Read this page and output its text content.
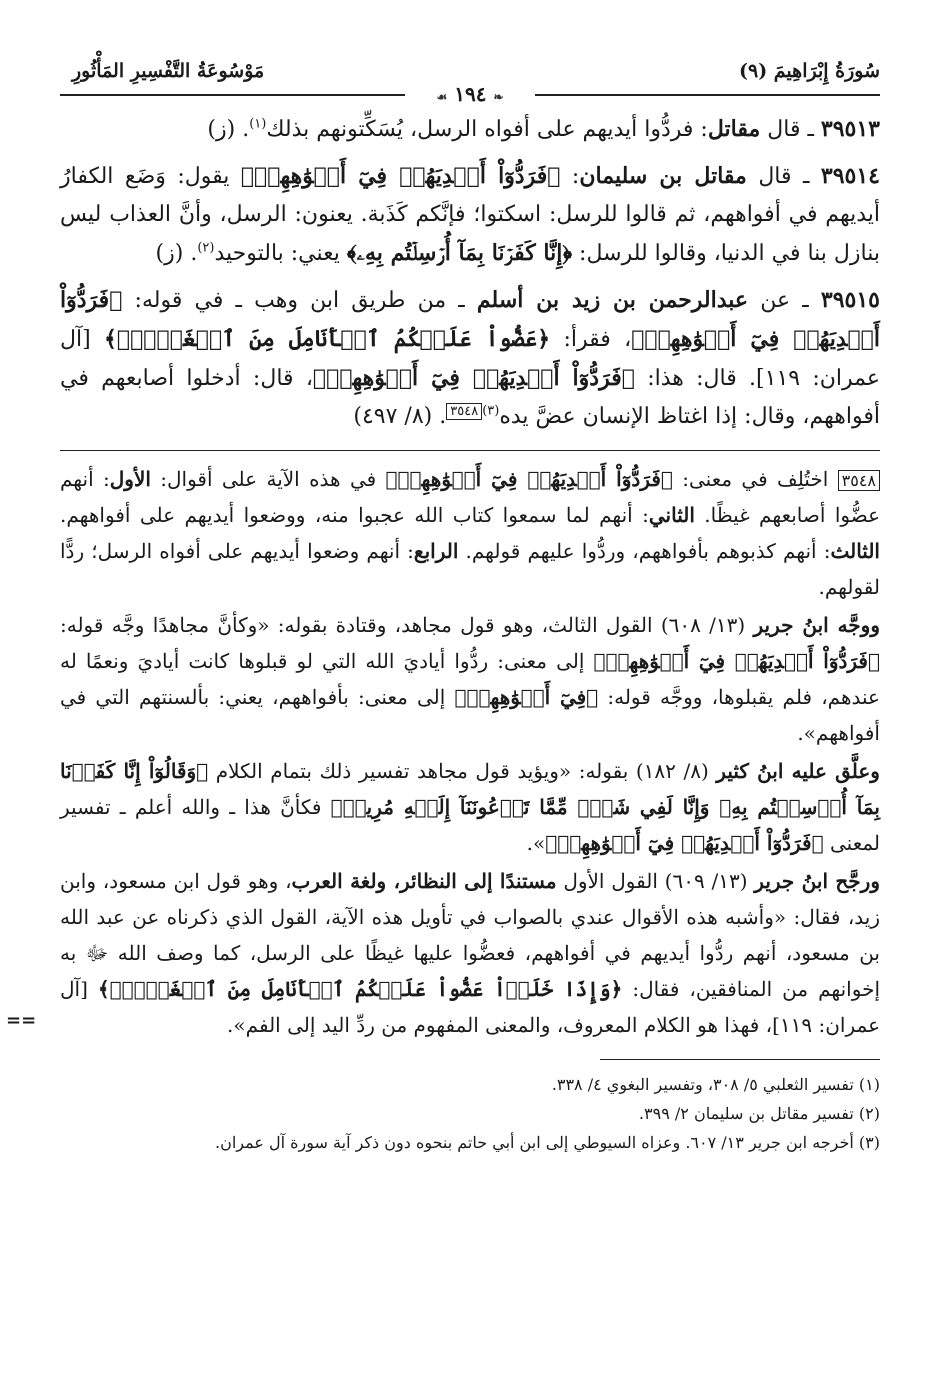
مَوْسُوعَةُ التَّفْسِيرِ المَأْثُورِ	سُورَةُ إِبْرَاهِيمَ (٩)
❧ ١٩٤ ☙

٣٩٥١٣ ـ قال مقاتل: فردُّوا أيديهم على أفواه الرسل، يُسَكِّتونهم بذلك$^{(١)}$. (ز)

٣٩٥١٤ ـ قال مقاتل بن سليمان: ﴿فَرَدُّوٓاْ أَيۡدِيَهُمۡ فِيٓ أَفۡوَٰهِهِمۡ﴾ يقول: وَضَع الكفارُ أيديهم في أفواههم، ثم قالوا للرسل: اسكتوا؛ فإنَّكم كَذَبة. يعنون: الرسل، وأنَّ العذاب ليس بنازل بنا في الدنيا، وقالوا للرسل: ﴿إِنَّا كَفَرۡنَا بِمَآ أُرۡسِلۡتُم بِهِۦ﴾ يعني: بالتوحيد$^{(٢)}$. (ز)

٣٩٥١٥ ـ عن عبدالرحمن بن زيد بن أسلم ـ من طريق ابن وهب ـ في قوله: ﴿فَرَدُّوٓاْ أَيۡدِيَهُمۡ فِيٓ أَفۡوَٰهِهِمۡ﴾، فقرأ: ﴿عَضُّواْ عَلَيۡكُمُ ٱلۡأَنَامِلَ مِنَ ٱلۡغَيۡظِۚ﴾ [آل عمران: ١١٩]. قال: هذا: ﴿فَرَدُّوٓاْ أَيۡدِيَهُمۡ فِيٓ أَفۡوَٰهِهِمۡ﴾، قال: أدخلوا أصابعهم في أفواههم، وقال: إذا اغتاظ الإنسان عضَّ يده$^{(٣)٣٥٤٨}$. (٨/ ٤٩٧)

٣٥٤٨ اختُلِف في معنى: ﴿فَرَدُّوٓاْ أَيۡدِيَهُمۡ فِيٓ أَفۡوَٰهِهِمۡ﴾ في هذه الآية على أقوال: الأول: أنهم عضُّوا أصابعهم غيظًا. الثاني: أنهم لما سمعوا كتاب الله عجبوا منه، ووضعوا أيديهم على أفواههم. الثالث: أنهم كذبوهم بأفواههم، وردُّوا عليهم قولهم. الرابع: أنهم وضعوا أيديهم على أفواه الرسل؛ ردًّا لقولهم.

ووجَّه ابنُ جرير (١٣/ ٦٠٨) القول الثالث، وهو قول مجاهد، وقتادة بقوله: «وكأنَّ مجاهدًا وجَّه قوله: ﴿فَرَدُّوٓاْ أَيۡدِيَهُمۡ فِيٓ أَفۡوَٰهِهِمۡ﴾ إلى معنى: ردُّوا أياديَ الله التي لو قبلوها كانت أياديَ ونعمًا له عندهم، فلم يقبلوها، ووجَّه قوله: ﴿فِيٓ أَفۡوَٰهِهِمۡ﴾ إلى معنى: بأفواههم، يعني: بألسنتهم التي في أفواههم».

وعلَّق عليه ابنُ كثير (٨/ ١٨٢) بقوله: «ويؤيد قول مجاهد تفسير ذلك بتمام الكلام ﴿وَقَالُوٓاْ إِنَّا كَفَرۡنَا بِمَآ أُرۡسِلۡتُم بِهِۦ وَإِنَّا لَفِي شَكّٖ مِّمَّا تَدۡعُونَنَآ إِلَيۡهِ مُرِيبٖ﴾ فكأنَّ هذا ـ والله أعلم ـ تفسير لمعنى ﴿فَرَدُّوٓاْ أَيۡدِيَهُمۡ فِيٓ أَفۡوَٰهِهِمۡ﴾».

ورجَّح ابنُ جرير (١٣/ ٦٠٩) القول الأول مستندًا إلى النظائر، ولغة العرب، وهو قول ابن مسعود، وابن زيد، فقال: «وأشبه هذه الأقوال عندي بالصواب في تأويل هذه الآية، القول الذي ذكرناه عن عبد الله بن مسعود، أنهم ردُّوا أيديهم في أفواههم، فعضُّوا عليها غيظًا على الرسل، كما وصف الله ﷻ به إخوانهم من المنافقين، فقال: ﴿وَإِذَا خَلَوۡاْ عَضُّواْ عَلَيۡكُمُ ٱلۡأَنَامِلَ مِنَ ٱلۡغَيۡظِۚ﴾ [آل عمران: ١١٩]، فهذا هو الكلام المعروف، والمعنى المفهوم من ردِّ اليد إلى الفم».
==

(١) تفسير الثعلبي ٥/ ٣٠٨، وتفسير البغوي ٤/ ٣٣٨.
(٢) تفسير مقاتل بن سليمان ٢/ ٣٩٩.
(٣) أخرجه ابن جرير ١٣/ ٦٠٧. وعزاه السيوطي إلى ابن أبي حاتم بنحوه دون ذكر آية سورة آل عمران.
